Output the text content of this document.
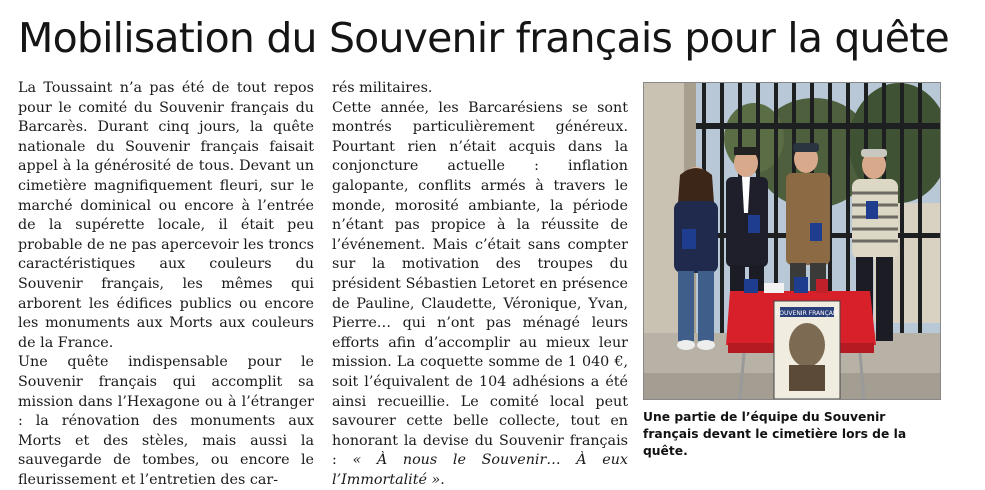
Mobilisation du Souvenir français pour la quête

La Toussaint n’a pas été de tout repos pour le comité du Souvenir français du Barcarès. Durant cinq jours, la quête nationale du Souvenir français faisait appel à la générosité de tous. Devant un cimetière magnifiquement fleuri, sur le marché dominical ou encore à l’entrée de la supérette locale, il était peu probable de ne pas apercevoir les troncs caractéristiques aux couleurs du Souvenir français, les mêmes qui arborent les édifices publics ou encore les monuments aux Morts aux couleurs de la France.

Une quête indispensable pour le Souvenir français qui accomplit sa mission dans l’Hexagone ou à l’étranger : la rénovation des monuments aux Morts et des stèles, mais aussi la sauvegarde de tombes, ou encore le fleurissement et l’entretien des car-

rés militaires.

Cette année, les Barcarésiens se sont montrés particulièrement généreux. Pourtant rien n’était acquis dans la conjoncture actuelle : inflation galopante, conflits armés à travers le monde, morosité ambiante, la période n’étant pas propice à la réussite de l’événement. Mais c’était sans compter sur la motivation des troupes du président Sébastien Letoret en présence de Pauline, Claudette, Véronique, Yvan, Pierre… qui n’ont pas ménagé leurs efforts afin d’accomplir au mieux leur mission. La coquette somme de 1 040 €, soit l’équivalent de 104 adhésions a été ainsi recueillie. Le comité local peut savourer cette belle collecte, tout en honorant la devise du Souvenir français : « À nous le Souvenir… À eux l’Immortalité ».

SOUVENIR FRANÇAIS

Une partie de l’équipe du Souvenir français devant le cimetière lors de la quête.
